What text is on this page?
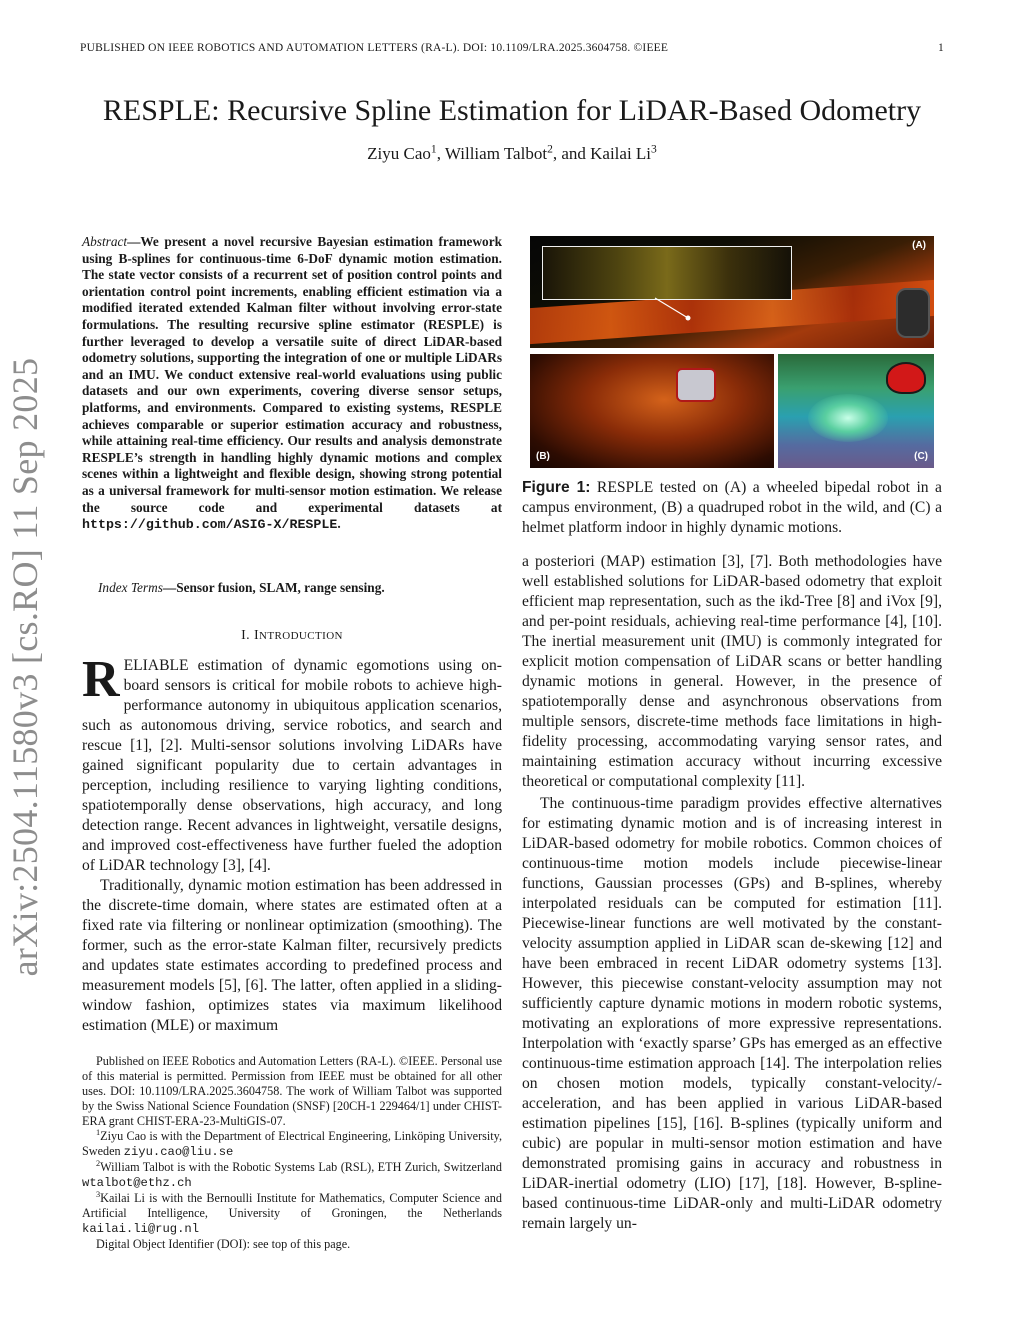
PUBLISHED ON IEEE ROBOTICS AND AUTOMATION LETTERS (RA-L). DOI: 10.1109/LRA.2025.3604758. ©IEEE	1
RESPLE: Recursive Spline Estimation for LiDAR-Based Odometry
Ziyu Cao$^1$, William Talbot$^2$, and Kailai Li$^3$
arXiv:2504.11580v3 [cs.RO] 11 Sep 2025

Abstract—We present a novel recursive Bayesian estimation framework using B-splines for continuous-time 6-DoF dynamic motion estimation. The state vector consists of a recurrent set of position control points and orientation control point increments, enabling efficient estimation via a modified iterated extended Kalman filter without involving error-state formulations. The resulting recursive spline estimator (RESPLE) is further leveraged to develop a versatile suite of direct LiDAR-based odometry solutions, supporting the integration of one or multiple LiDARs and an IMU. We conduct extensive real-world evaluations using public datasets and our own experiments, covering diverse sensor setups, platforms, and environments. Compared to existing systems, RESPLE achieves comparable or superior estimation accuracy and robustness, while attaining real-time efficiency. Our results and analysis demonstrate RESPLE’s strength in handling highly dynamic motions and complex scenes within a lightweight and flexible design, showing strong potential as a universal framework for multi-sensor motion estimation. We release the source code and experimental datasets at https://github.com/ASIG-X/RESPLE.

Index Terms—Sensor fusion, SLAM, range sensing.

I. INTRODUCTION

RELIABLE estimation of dynamic egomotions using on-board sensors is critical for mobile robots to achieve high-performance autonomy in ubiquitous application scenarios, such as autonomous driving, service robotics, and search and rescue [1], [2]. Multi-sensor solutions involving LiDARs have gained significant popularity due to certain advantages in perception, including resilience to varying lighting conditions, spatiotemporally dense observations, high accuracy, and long detection range. Recent advances in lightweight, versatile designs, and improved cost-effectiveness have further fueled the adoption of LiDAR technology [3], [4].

Traditionally, dynamic motion estimation has been addressed in the discrete-time domain, where states are estimated often at a fixed rate via filtering or nonlinear optimization (smoothing). The former, such as the error-state Kalman filter, recursively predicts and updates state estimates according to predefined process and measurement models [5], [6]. The latter, often applied in a sliding-window fashion, optimizes states via maximum likelihood estimation (MLE) or maximum

Published on IEEE Robotics and Automation Letters (RA-L). ©IEEE. Personal use of this material is permitted. Permission from IEEE must be obtained for all other uses. DOI: 10.1109/LRA.2025.3604758. The work of William Talbot was supported by the Swiss National Science Foundation (SNSF) [20CH-1 229464/1] under CHIST-ERA grant CHIST-ERA-23-MultiGIS-07.

$^1$Ziyu Cao is with the Department of Electrical Engineering, Linköping University, Sweden ziyu.cao@liu.se

$^2$William Talbot is with the Robotic Systems Lab (RSL), ETH Zurich, Switzerland wtalbot@ethz.ch

$^3$Kailai Li is with the Bernoulli Institute for Mathematics, Computer Science and Artificial Intelligence, University of Groningen, the Netherlands kailai.li@rug.nl

Digital Object Identifier (DOI): see top of this page.

(A)
(B)	(C)

Figure 1: RESPLE tested on (A) a wheeled bipedal robot in a campus environment, (B) a quadruped robot in the wild, and (C) a helmet platform indoor in highly dynamic motions.

a posteriori (MAP) estimation [3], [7]. Both methodologies have well established solutions for LiDAR-based odometry that exploit efficient map representation, such as the ikd-Tree [8] and iVox [9], and per-point residuals, achieving real-time performance [4], [10]. The inertial measurement unit (IMU) is commonly integrated for explicit motion compensation of LiDAR scans or better handling dynamic motions in general. However, in the presence of spatiotemporally dense and asynchronous observations from multiple sensors, discrete-time methods face limitations in high-fidelity processing, accommodating varying sensor rates, and maintaining estimation accuracy without incurring excessive theoretical or computational complexity [11].

The continuous-time paradigm provides effective alternatives for estimating dynamic motion and is of increasing interest in LiDAR-based odometry for mobile robotics. Common choices of continuous-time motion models include piecewise-linear functions, Gaussian processes (GPs) and B-splines, whereby interpolated residuals can be computed for estimation [11]. Piecewise-linear functions are well motivated by the constant-velocity assumption applied in LiDAR scan de-skewing [12] and have been embraced in recent LiDAR odometry systems [13]. However, this piecewise constant-velocity assumption may not sufficiently capture dynamic motions in modern robotic systems, motivating an explorations of more expressive representations. Interpolation with ‘exactly sparse’ GPs has emerged as an effective continuous-time estimation approach [14]. The interpolation relies on chosen motion models, typically constant-velocity/-acceleration, and has been applied in various LiDAR-based estimation pipelines [15], [16]. B-splines (typically uniform and cubic) are popular in multi-sensor motion estimation and have demonstrated promising gains in accuracy and robustness in LiDAR-inertial odometry (LIO) [17], [18]. However, B-spline-based continuous-time LiDAR-only and multi-LiDAR odometry remain largely un-
